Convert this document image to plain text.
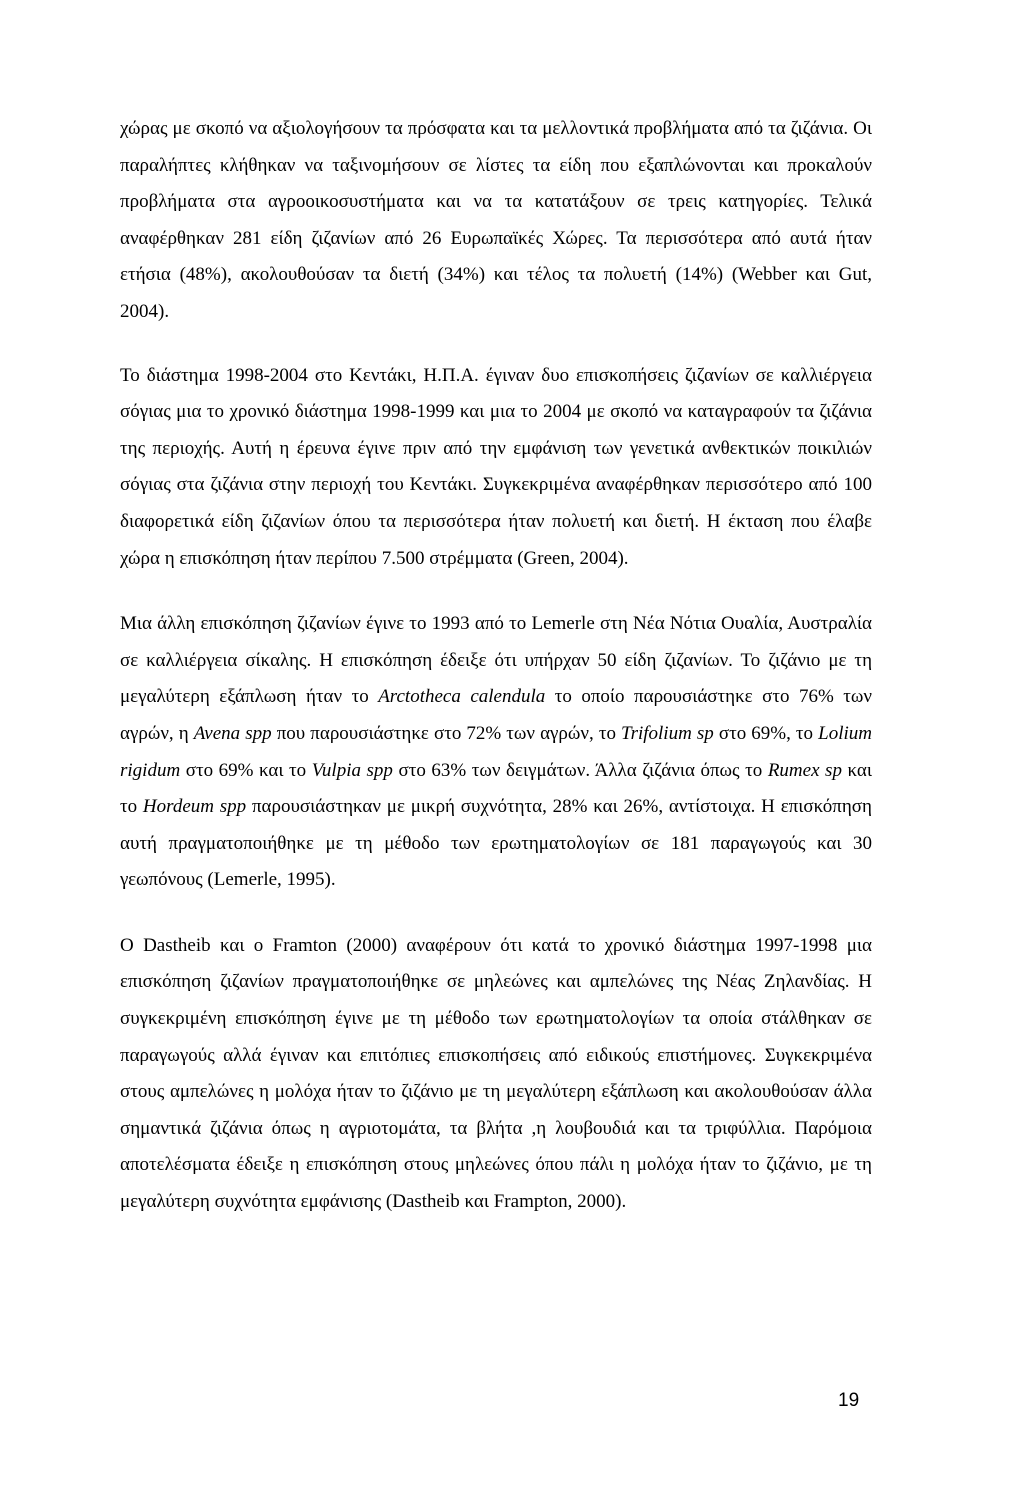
χώρας με σκοπό να αξιολογήσουν τα πρόσφατα και τα μελλοντικά προβλήματα από τα ζιζάνια. Οι παραλήπτες κλήθηκαν να ταξινομήσουν σε λίστες τα είδη που εξαπλώνονται και προκαλούν προβλήματα στα αγροοικοσυστήματα και να τα κατατάξουν σε τρεις κατηγορίες. Τελικά αναφέρθηκαν 281 είδη ζιζανίων από 26 Ευρωπαϊκές Χώρες. Τα περισσότερα από αυτά ήταν ετήσια (48%), ακολουθούσαν τα διετή (34%) και τέλος τα πολυετή (14%) (Webber και Gut, 2004).

Το διάστημα 1998-2004 στο Κεντάκι, Η.Π.Α. έγιναν δυο επισκοπήσεις ζιζανίων σε καλλιέργεια σόγιας μια το χρονικό διάστημα 1998-1999 και μια το 2004 με σκοπό να καταγραφούν τα ζιζάνια της περιοχής. Αυτή η έρευνα έγινε πριν από την εμφάνιση των γενετικά ανθεκτικών ποικιλιών σόγιας στα ζιζάνια στην περιοχή του Κεντάκι. Συγκεκριμένα αναφέρθηκαν περισσότερο από 100 διαφορετικά είδη ζιζανίων όπου τα περισσότερα ήταν πολυετή και διετή. Η έκταση που έλαβε χώρα η επισκόπηση ήταν περίπου 7.500 στρέμματα (Green, 2004).

Μια άλλη επισκόπηση ζιζανίων έγινε το 1993 από το Lemerle στη Νέα Νότια Ουαλία, Αυστραλία σε καλλιέργεια σίκαλης. Η επισκόπηση έδειξε ότι υπήρχαν 50 είδη ζιζανίων. Το ζιζάνιο με τη μεγαλύτερη εξάπλωση ήταν το Arctotheca calendula το οποίο παρουσιάστηκε στο 76% των αγρών, η Avena spp που παρουσιάστηκε στο 72% των αγρών, το Trifolium sp στο 69%, το Lolium rigidum στο 69% και το Vulpia spp στο 63% των δειγμάτων. Άλλα ζιζάνια όπως το Rumex sp και το Hordeum spp παρουσιάστηκαν με μικρή συχνότητα, 28% και 26%, αντίστοιχα. Η επισκόπηση αυτή πραγματοποιήθηκε με τη μέθοδο των ερωτηματολογίων σε 181 παραγωγούς και 30 γεωπόνους (Lemerle, 1995).

Ο Dastheib και ο Framton (2000) αναφέρουν ότι κατά το χρονικό διάστημα 1997-1998 μια επισκόπηση ζιζανίων πραγματοποιήθηκε σε μηλεώνες και αμπελώνες της Νέας Ζηλανδίας. Η συγκεκριμένη επισκόπηση έγινε με τη μέθοδο των ερωτηματολογίων τα οποία στάλθηκαν σε παραγωγούς αλλά έγιναν και επιτόπιες επισκοπήσεις από ειδικούς επιστήμονες. Συγκεκριμένα στους αμπελώνες η μολόχα ήταν το ζιζάνιο με τη μεγαλύτερη εξάπλωση και ακολουθούσαν άλλα σημαντικά ζιζάνια όπως η αγριοτομάτα, τα βλήτα ,η λουβουδιά και τα τριφύλλια. Παρόμοια αποτελέσματα έδειξε η επισκόπηση στους μηλεώνες όπου πάλι η μολόχα ήταν το ζιζάνιο, με τη μεγαλύτερη συχνότητα εμφάνισης (Dastheib και Frampton, 2000).

19
